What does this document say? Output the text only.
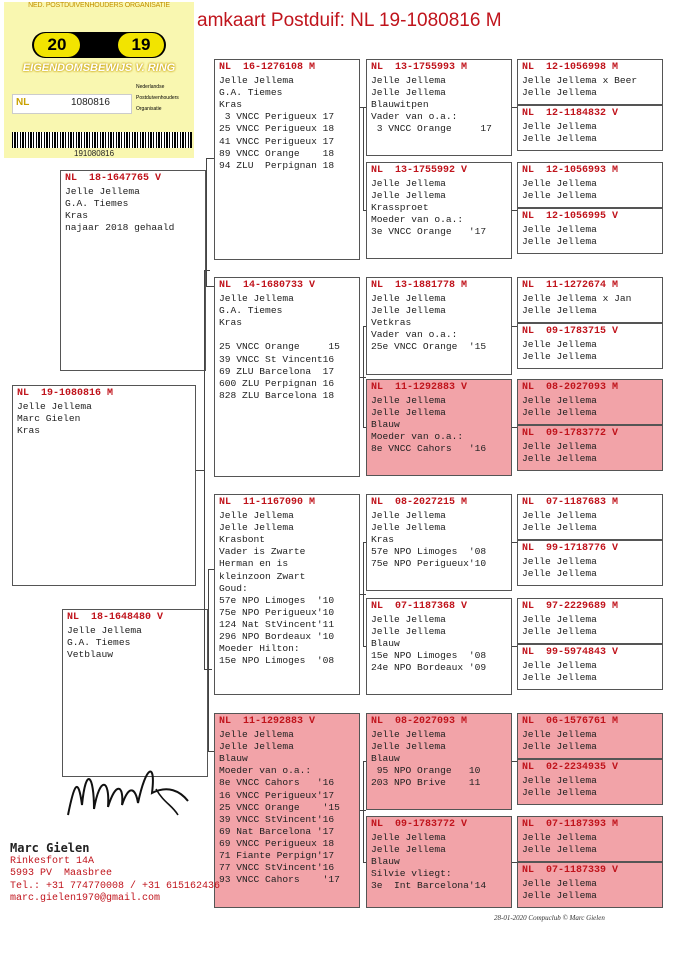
amkaart Postduif: NL 19-1080816 M
NED. POSTDUIVENHOUDERS ORGANISATIE
20	19
EIGENDOMSBEWIJS V. RING
NL	1080816
Nederlandse
Postduivenhouders
Organisatie
191080816
NL  19-1080816 M
Jelle Jellema
Marc Gielen
Kras
NL  18-1647765 V
Jelle Jellema
G.A. Tiemes
Kras
najaar 2018 gehaald
NL  18-1648480 V
Jelle Jellema
G.A. Tiemes
Vetblauw
NL  16-1276108 M
Jelle Jellema
G.A. Tiemes
Kras
3 VNCC Perigueux 17
25 VNCC Perigueux 18
41 VNCC Perigueux 17
89 VNCC Orange    18
94 ZLU  Perpignan 18
NL  14-1680733 V
Jelle Jellema
G.A. Tiemes
Kras

25 VNCC Orange     15
39 VNCC St Vincent16
69 ZLU Barcelona  17
600 ZLU Perpignan 16
828 ZLU Barcelona 18
NL  11-1167090 M
Jelle Jellema
Jelle Jellema
Krasbont
Vader is Zwarte
Herman en is
kleinzoon Zwart
Goud:
57e NPO Limoges  '10
75e NPO Perigueux'10
124 Nat StVincent'11
296 NPO Bordeaux '10
Moeder Hilton:
15e NPO Limoges  '08
NL  11-1292883 V
Jelle Jellema
Jelle Jellema
Blauw
Moeder van o.a.:
8e VNCC Cahors   '16
16 VNCC Perigueux'17
25 VNCC Orange    '15
39 VNCC StVincent'16
69 Nat Barcelona '17
69 VNCC Perigueux 18
71 Fiante Perpign'17
77 VNCC StVincent'16
93 VNCC Cahors    '17
NL  13-1755993 M
Jelle Jellema
Jelle Jellema
Blauwitpen
Vader van o.a.:
3 VNCC Orange     17
NL  13-1755992 V
Jelle Jellema
Jelle Jellema
Krassproet
Moeder van o.a.:
3e VNCC Orange   '17
NL  13-1881778 M
Jelle Jellema
Jelle Jellema
Vetkras
Vader van o.a.:
25e VNCC Orange  '15
NL  11-1292883 V
Jelle Jellema
Jelle Jellema
Blauw
Moeder van o.a.:
8e VNCC Cahors   '16
NL  08-2027215 M
Jelle Jellema
Jelle Jellema
Kras
57e NPO Limoges  '08
75e NPO Perigueux'10
NL  07-1187368 V
Jelle Jellema
Jelle Jellema
Blauw
15e NPO Limoges  '08
24e NPO Bordeaux '09
NL  08-2027093 M
Jelle Jellema
Jelle Jellema
Blauw
95 NPO Orange   10
203 NPO Brive    11
NL  09-1783772 V
Jelle Jellema
Jelle Jellema
Blauw
Silvie vliegt:
3e  Int Barcelona'14
NL  12-1056998 M
Jelle Jellema x Beer
Jelle Jellema
NL  12-1184832 V
Jelle Jellema
Jelle Jellema
NL  12-1056993 M
Jelle Jellema
Jelle Jellema
NL  12-1056995 V
Jelle Jellema
Jelle Jellema
NL  11-1272674 M
Jelle Jellema x Jan
Jelle Jellema
NL  09-1783715 V
Jelle Jellema
Jelle Jellema
NL  08-2027093 M
Jelle Jellema
Jelle Jellema
NL  09-1783772 V
Jelle Jellema
Jelle Jellema
NL  07-1187683 M
Jelle Jellema
Jelle Jellema
NL  99-1718776 V
Jelle Jellema
Jelle Jellema
NL  97-2229689 M
Jelle Jellema
Jelle Jellema
NL  99-5974843 V
Jelle Jellema
Jelle Jellema
NL  06-1576761 M
Jelle Jellema
Jelle Jellema
NL  02-2234935 V
Jelle Jellema
Jelle Jellema
NL  07-1187393 M
Jelle Jellema
Jelle Jellema
NL  07-1187339 V
Jelle Jellema
Jelle Jellema
Marc Gielen
Rinkesfort 14A
5993 PV  Maasbree
Tel.: +31 774770008 / +31 615162436
marc.gielen1970@gmail.com
28-01-2020 Compuclub © Marc Gielen
